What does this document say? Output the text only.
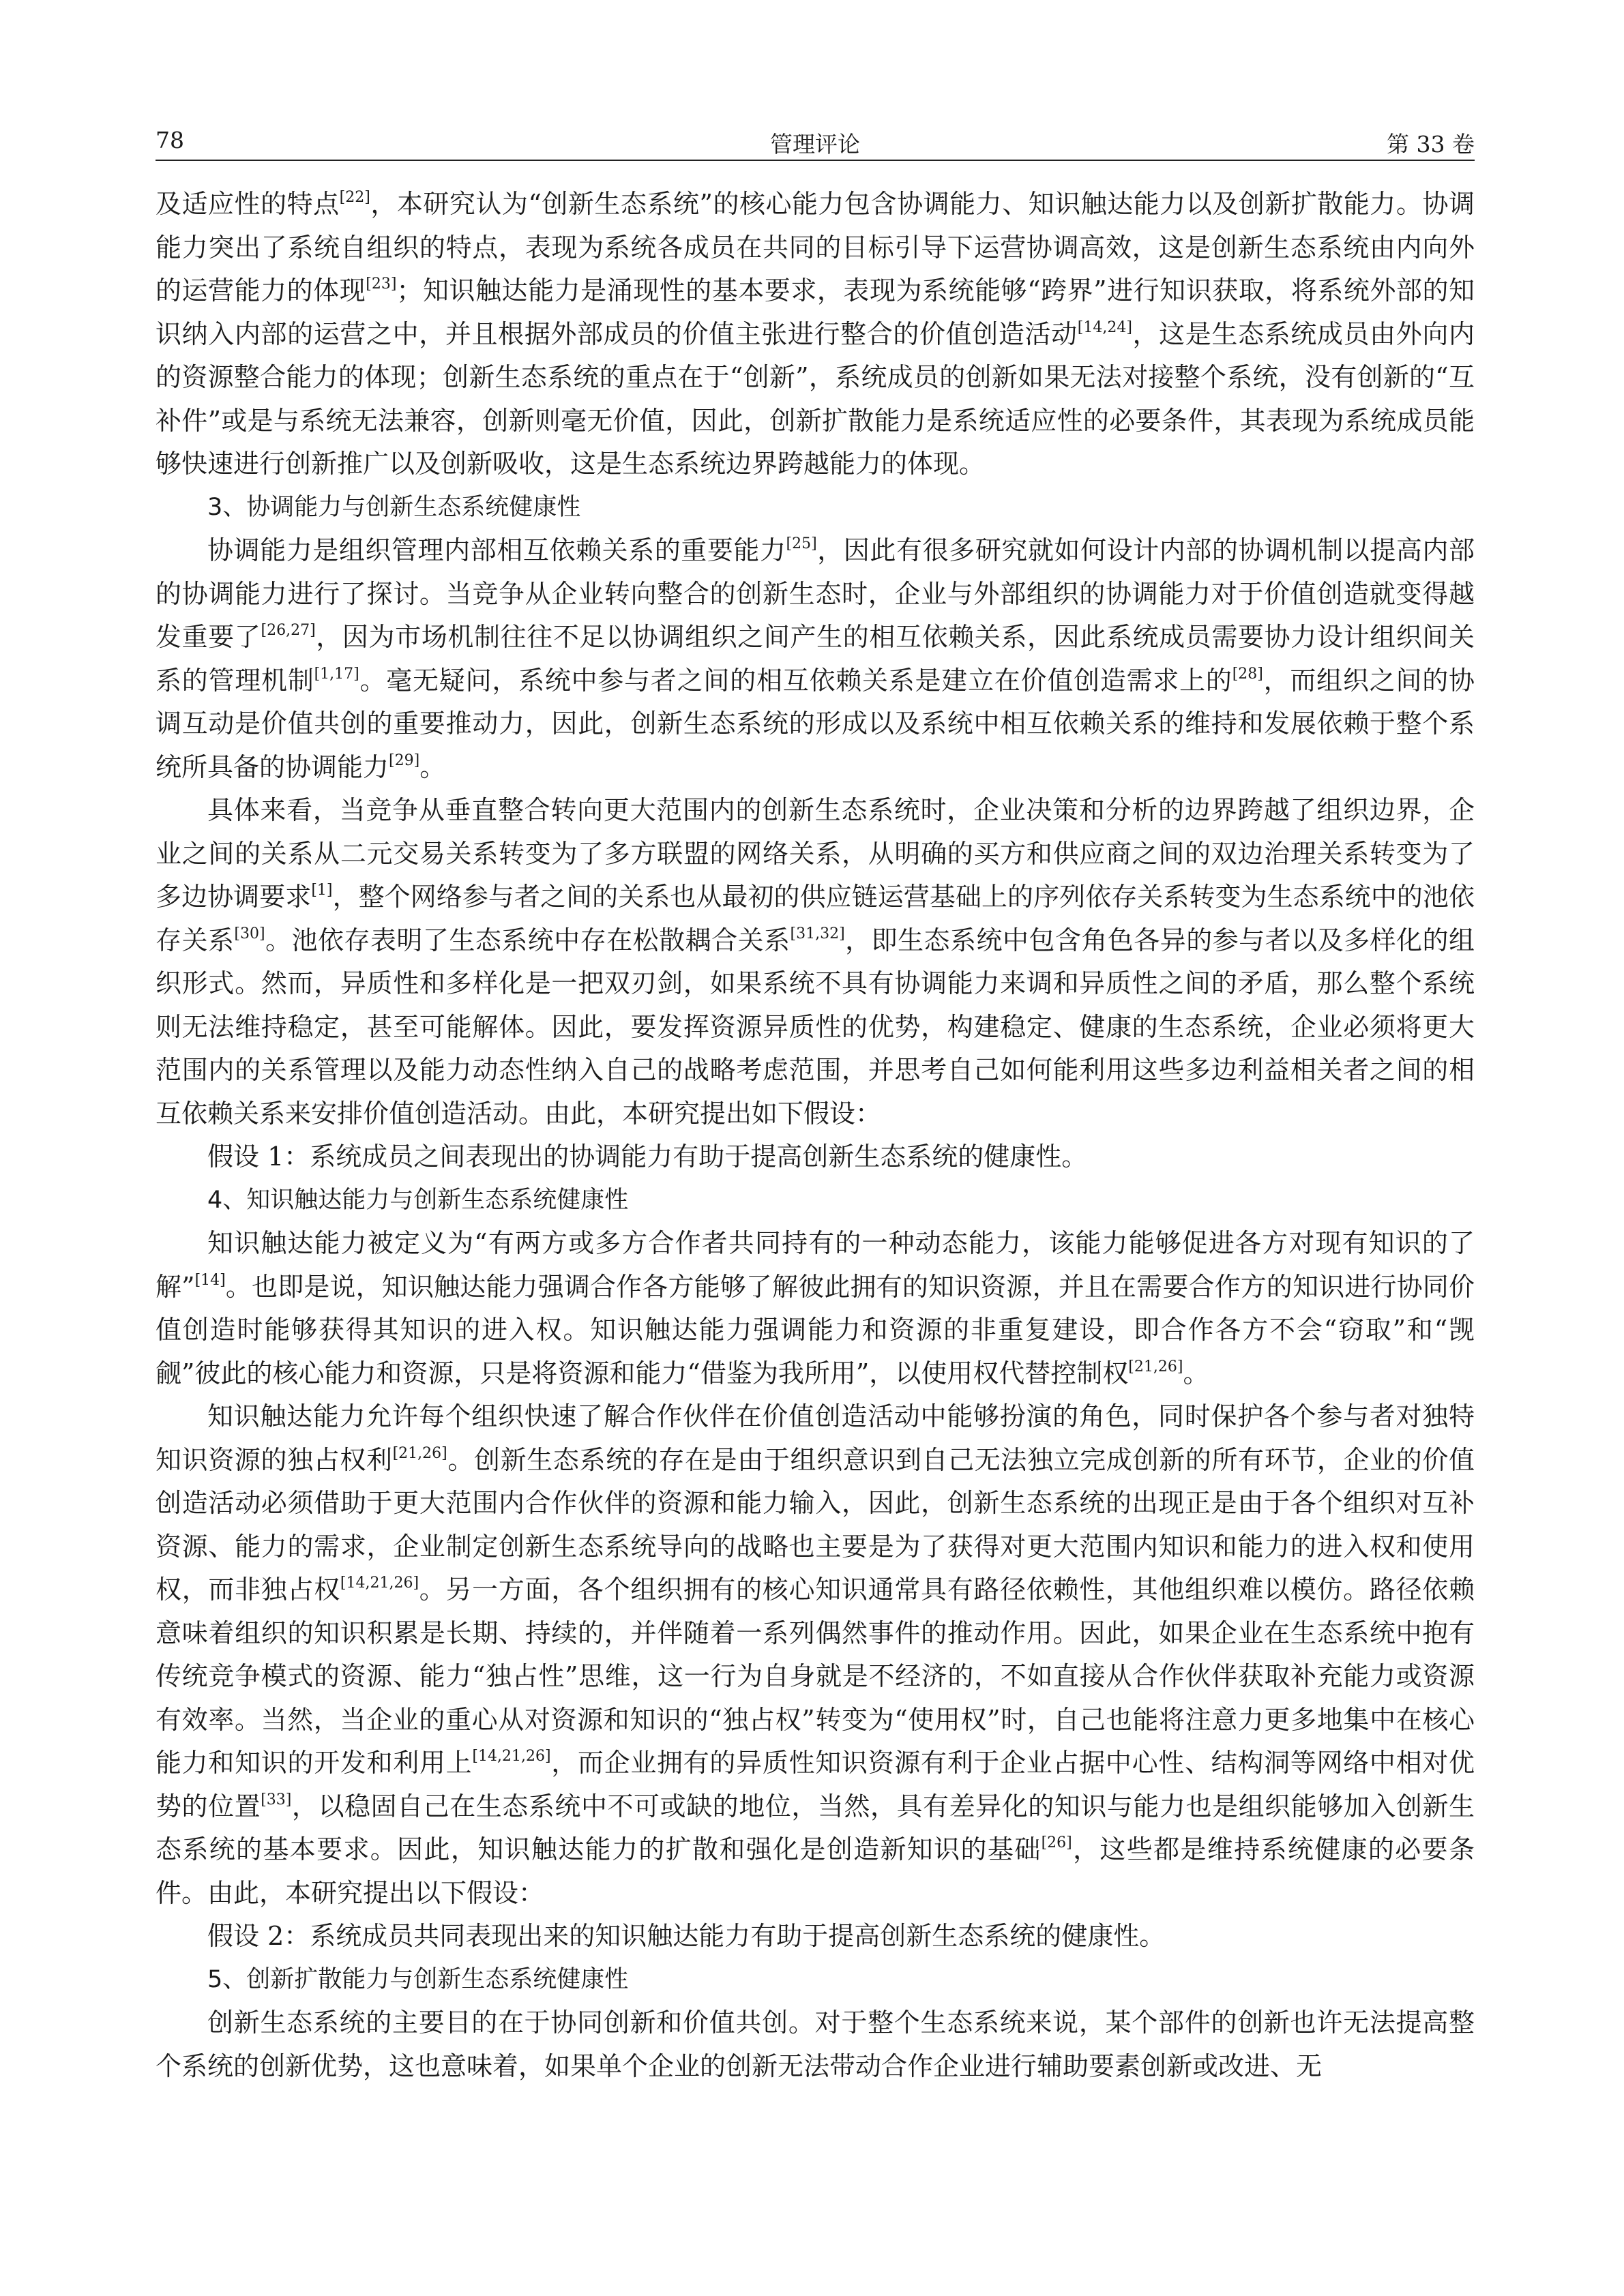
78	管理评论	第 33 卷

及适应性的特点[22]，本研究认为“创新生态系统”的核心能力包含协调能力、知识触达能力以及创新扩散能力。协调能力突出了系统自组织的特点，表现为系统各成员在共同的目标引导下运营协调高效，这是创新生态系统由内向外的运营能力的体现[23]；知识触达能力是涌现性的基本要求，表现为系统能够“跨界”进行知识获取，将系统外部的知识纳入内部的运营之中，并且根据外部成员的价值主张进行整合的价值创造活动[14,24]，这是生态系统成员由外向内的资源整合能力的体现；创新生态系统的重点在于“创新”，系统成员的创新如果无法对接整个系统，没有创新的“互补件”或是与系统无法兼容，创新则毫无价值，因此，创新扩散能力是系统适应性的必要条件，其表现为系统成员能够快速进行创新推广以及创新吸收，这是生态系统边界跨越能力的体现。

3、协调能力与创新生态系统健康性

协调能力是组织管理内部相互依赖关系的重要能力[25]，因此有很多研究就如何设计内部的协调机制以提高内部的协调能力进行了探讨。当竞争从企业转向整合的创新生态时，企业与外部组织的协调能力对于价值创造就变得越发重要了[26,27]，因为市场机制往往不足以协调组织之间产生的相互依赖关系，因此系统成员需要协力设计组织间关系的管理机制[1,17]。毫无疑问，系统中参与者之间的相互依赖关系是建立在价值创造需求上的[28]，而组织之间的协调互动是价值共创的重要推动力，因此，创新生态系统的形成以及系统中相互依赖关系的维持和发展依赖于整个系统所具备的协调能力[29]。

具体来看，当竞争从垂直整合转向更大范围内的创新生态系统时，企业决策和分析的边界跨越了组织边界，企业之间的关系从二元交易关系转变为了多方联盟的网络关系，从明确的买方和供应商之间的双边治理关系转变为了多边协调要求[1]，整个网络参与者之间的关系也从最初的供应链运营基础上的序列依存关系转变为生态系统中的池依存关系[30]。池依存表明了生态系统中存在松散耦合关系[31,32]，即生态系统中包含角色各异的参与者以及多样化的组织形式。然而，异质性和多样化是一把双刃剑，如果系统不具有协调能力来调和异质性之间的矛盾，那么整个系统则无法维持稳定，甚至可能解体。因此，要发挥资源异质性的优势，构建稳定、健康的生态系统，企业必须将更大范围内的关系管理以及能力动态性纳入自己的战略考虑范围，并思考自己如何能利用这些多边利益相关者之间的相互依赖关系来安排价值创造活动。由此，本研究提出如下假设：

假设 1：系统成员之间表现出的协调能力有助于提高创新生态系统的健康性。

4、知识触达能力与创新生态系统健康性

知识触达能力被定义为“有两方或多方合作者共同持有的一种动态能力，该能力能够促进各方对现有知识的了解”[14]。也即是说，知识触达能力强调合作各方能够了解彼此拥有的知识资源，并且在需要合作方的知识进行协同价值创造时能够获得其知识的进入权。知识触达能力强调能力和资源的非重复建设，即合作各方不会“窃取”和“觊觎”彼此的核心能力和资源，只是将资源和能力“借鉴为我所用”，以使用权代替控制权[21,26]。

知识触达能力允许每个组织快速了解合作伙伴在价值创造活动中能够扮演的角色，同时保护各个参与者对独特知识资源的独占权利[21,26]。创新生态系统的存在是由于组织意识到自己无法独立完成创新的所有环节，企业的价值创造活动必须借助于更大范围内合作伙伴的资源和能力输入，因此，创新生态系统的出现正是由于各个组织对互补资源、能力的需求，企业制定创新生态系统导向的战略也主要是为了获得对更大范围内知识和能力的进入权和使用权，而非独占权[14,21,26]。另一方面，各个组织拥有的核心知识通常具有路径依赖性，其他组织难以模仿。路径依赖意味着组织的知识积累是长期、持续的，并伴随着一系列偶然事件的推动作用。因此，如果企业在生态系统中抱有传统竞争模式的资源、能力“独占性”思维，这一行为自身就是不经济的，不如直接从合作伙伴获取补充能力或资源有效率。当然，当企业的重心从对资源和知识的“独占权”转变为“使用权”时，自己也能将注意力更多地集中在核心能力和知识的开发和利用上[14,21,26]，而企业拥有的异质性知识资源有利于企业占据中心性、结构洞等网络中相对优势的位置[33]，以稳固自己在生态系统中不可或缺的地位，当然，具有差异化的知识与能力也是组织能够加入创新生态系统的基本要求。因此，知识触达能力的扩散和强化是创造新知识的基础[26]，这些都是维持系统健康的必要条件。由此，本研究提出以下假设：

假设 2：系统成员共同表现出来的知识触达能力有助于提高创新生态系统的健康性。

5、创新扩散能力与创新生态系统健康性

创新生态系统的主要目的在于协同创新和价值共创。对于整个生态系统来说，某个部件的创新也许无法提高整个系统的创新优势，这也意味着，如果单个企业的创新无法带动合作企业进行辅助要素创新或改进、无
